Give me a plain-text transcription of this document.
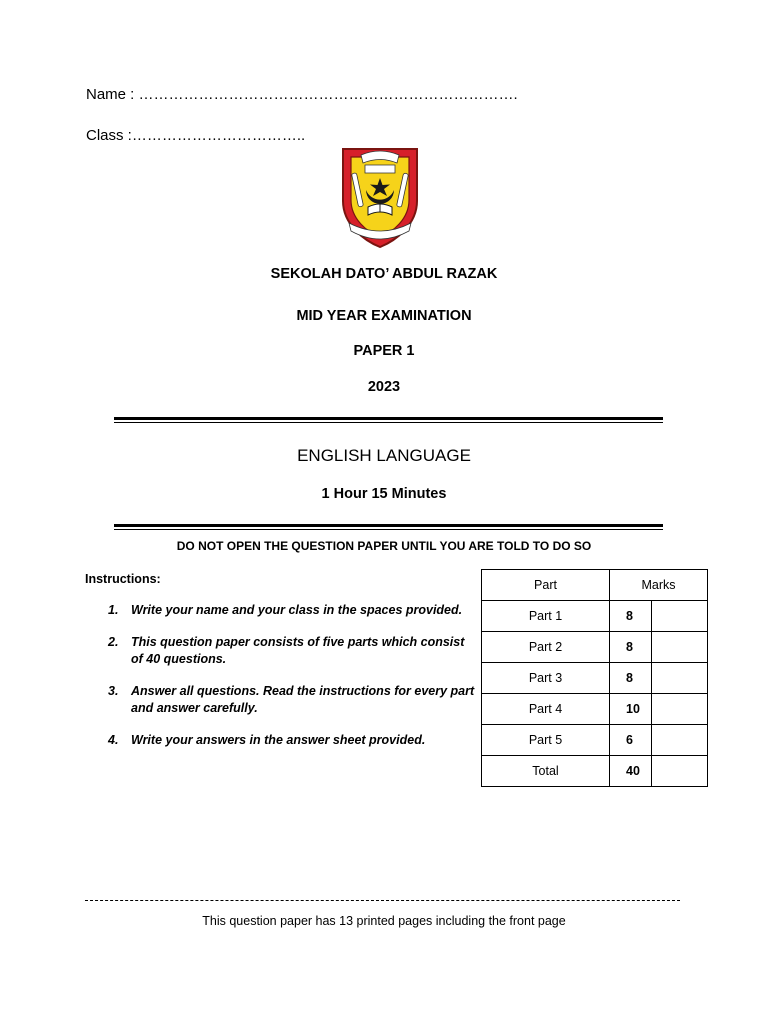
Name : ………………………………………………………………….
Class :……………………………..
SEKOLAH DATO’ ABDUL RAZAK
MID YEAR EXAMINATION
PAPER 1
2023
ENGLISH LANGUAGE
1 Hour 15 Minutes
DO NOT OPEN THE QUESTION PAPER UNTIL YOU ARE TOLD TO DO SO
Instructions:
1. Write your name and your class in the spaces provided.
2. This question paper consists of five parts which consist of 40 questions.
3. Answer all questions. Read the instructions for every part and answer carefully.
4. Write your answers in the answer sheet provided.
Part	Marks	
Part 1	8	
Part 2	8	
Part 3	8	
Part 4	10	
Part 5	6	
Total	40	
This question paper has 13 printed pages including the front page
